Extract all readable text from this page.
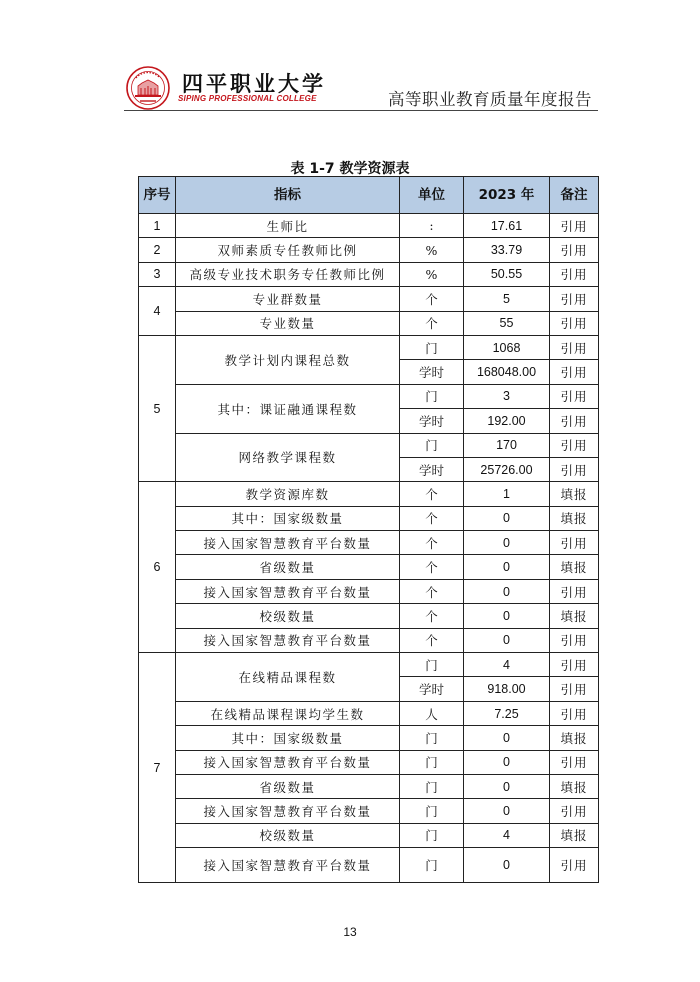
四平职业大学
SIPING PROFESSIONAL COLLEGE	高等职业教育质量年度报告
表 1-7 教学资源表
序号	指标	单位	2023 年	备注
1	生师比	:	17.61	引用
2	双师素质专任教师比例	%	33.79	引用
3	高级专业技术职务专任教师比例	%	50.55	引用
4	专业群数量	个	5	引用
	专业数量	个	55	引用
5	教学计划内课程总数	门	1068	引用
		学时	168048.00	引用
	其中：课证融通课程数	门	3	引用
		学时	192.00	引用
	网络教学课程数	门	170	引用
		学时	25726.00	引用
6	教学资源库数	个	1	填报
	其中：国家级数量	个	0	填报
	接入国家智慧教育平台数量	个	0	引用
	省级数量	个	0	填报
	接入国家智慧教育平台数量	个	0	引用
	校级数量	个	0	填报
	接入国家智慧教育平台数量	个	0	引用
7	在线精品课程数	门	4	引用
		学时	918.00	引用
	在线精品课程课均学生数	人	7.25	引用
	其中：国家级数量	门	0	填报
	接入国家智慧教育平台数量	门	0	引用
	省级数量	门	0	填报
	接入国家智慧教育平台数量	门	0	引用
	校级数量	门	4	填报
	接入国家智慧教育平台数量	门	0	引用
13
